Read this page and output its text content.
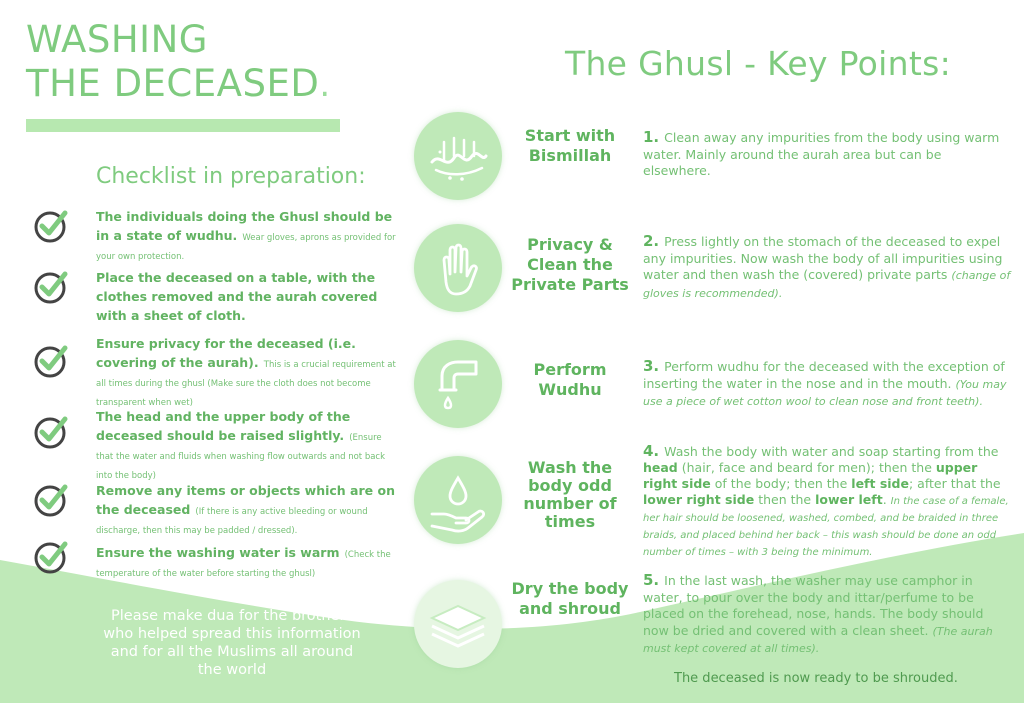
WASHING
THE DECEASED.
Checklist in preparation:
The individuals doing the Ghusl should be in a state of wudhu. Wear gloves, aprons as provided for your own protection.
Place the deceased on a table, with the clothes removed and the aurah covered with a sheet of cloth.
Ensure privacy for the deceased (i.e. covering of the aurah). This is a crucial requirement at all times during the ghusl (Make sure the cloth does not become transparent when wet)
The head and the upper body of the deceased should be raised slightly. (Ensure that the water and fluids when washing flow outwards and not back into the body)
Remove any items or objects which are on the deceased (If there is any active bleeding or wound discharge, then this may be padded / dressed).
Ensure the washing water is warm (Check the temperature of the water before starting the ghusl)
Please make dua for the brothers who helped spread this information and for all the Muslims all around the world
The Ghusl - Key Points:
Start with Bismillah
1. Clean away any impurities from the body using warm water. Mainly around the aurah area but can be elsewhere.
Privacy & Clean the Private Parts
2. Press lightly on the stomach of the deceased to expel any impurities. Now wash the body of all impurities using water and then wash the (covered) private parts (change of gloves is recommended).
Perform Wudhu
3. Perform wudhu for the deceased with the exception of inserting the water in the nose and in the mouth. (You may use a piece of wet cotton wool to clean nose and front teeth).
Wash the body odd number of times
4. Wash the body with water and soap starting from the head (hair, face and beard for men); then the upper right side of the body; then the left side; after that the lower right side then the lower left. In the case of a female, her hair should be loosened, washed, combed, and be braided in three braids, and placed behind her back – this wash should be done an odd number of times – with 3 being the minimum.
Dry the body and shroud
5. In the last wash, the washer may use camphor in water, to pour over the body and ittar/perfume to be placed on the forehead, nose, hands. The body should now be dried and covered with a clean sheet. (The aurah must kept covered at all times).
The deceased is now ready to be shrouded.
